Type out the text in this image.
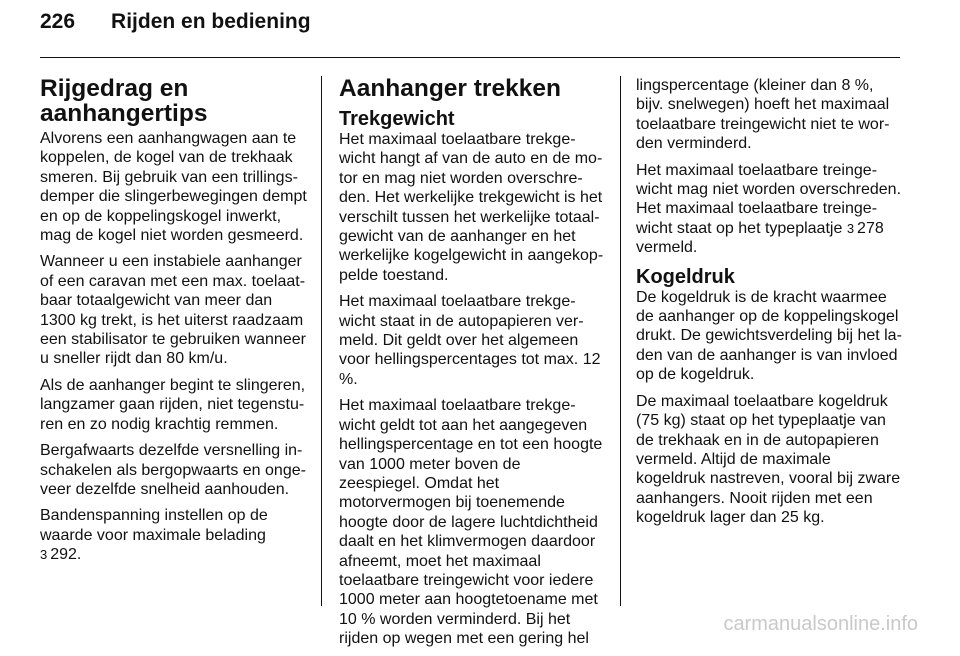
226 Rijden en bediening
Rijgedrag en
aanhangertips

Alvorens een aanhangwagen aan te koppelen, de kogel van de trekhaak smeren. Bij gebruik van een trillingsdemper die slingerbewegingen dempt en op de koppelingskogel inwerkt, mag de kogel niet worden gesmeerd.

Wanneer u een instabiele aanhanger of een caravan met een max. toelaatbaar totaalgewicht van meer dan 1300 kg trekt, is het uiterst raadzaam een stabilisator te gebruiken wanneer u sneller rijdt dan 80 km/u.

Als de aanhanger begint te slingeren, langzamer gaan rijden, niet tegensturen en zo nodig krachtig remmen.

Bergafwaarts dezelfde versnelling inschakelen als bergopwaarts en ongeveer dezelfde snelheid aanhouden.

Bandenspanning instellen op de waarde voor maximale belading
3 292.

Aanhanger trekken
Trekgewicht

Het maximaal toelaatbare trekgewicht hangt af van de auto en de motor en mag niet worden overschreden. Het werkelijke trekgewicht is het verschilt tussen het werkelijke totaalgewicht van de aanhanger en het werkelijke kogelgewicht in aangekoppelde toestand.

Het maximaal toelaatbare trekgewicht staat in de autopapieren vermeld. Dit geldt over het algemeen voor hellingspercentages tot max. 12 %.

Het maximaal toelaatbare trekgewicht geldt tot aan het aangegeven hellingspercentage en tot een hoogte van 1000 meter boven de zeespiegel. Omdat het motorvermogen bij toenemende hoogte door de lagere luchtdichtheid daalt en het klimvermogen daardoor afneemt, moet het maximaal toelaatbare treingewicht voor iedere 1000 meter aan hoogtetoename met 10 % worden verminderd. Bij het rijden op wegen met een gering hel

lingspercentage (kleiner dan 8 %, bijv. snelwegen) hoeft het maximaal toelaatbare treingewicht niet te worden verminderd.

Het maximaal toelaatbare treingewicht mag niet worden overschreden. Het maximaal toelaatbare treingewicht staat op het typeplaatje 3 278 vermeld.

Kogeldruk

De kogeldruk is de kracht waarmee de aanhanger op de koppelingskogel drukt. De gewichtsverdeling bij het laden van de aanhanger is van invloed op de kogeldruk.

De maximaal toelaatbare kogeldruk (75 kg) staat op het typeplaatje van de trekhaak en in de autopapieren vermeld. Altijd de maximale kogeldruk nastreven, vooral bij zware aanhangers. Nooit rijden met een kogeldruk lager dan 25 kg.

carmanualsonline.info
